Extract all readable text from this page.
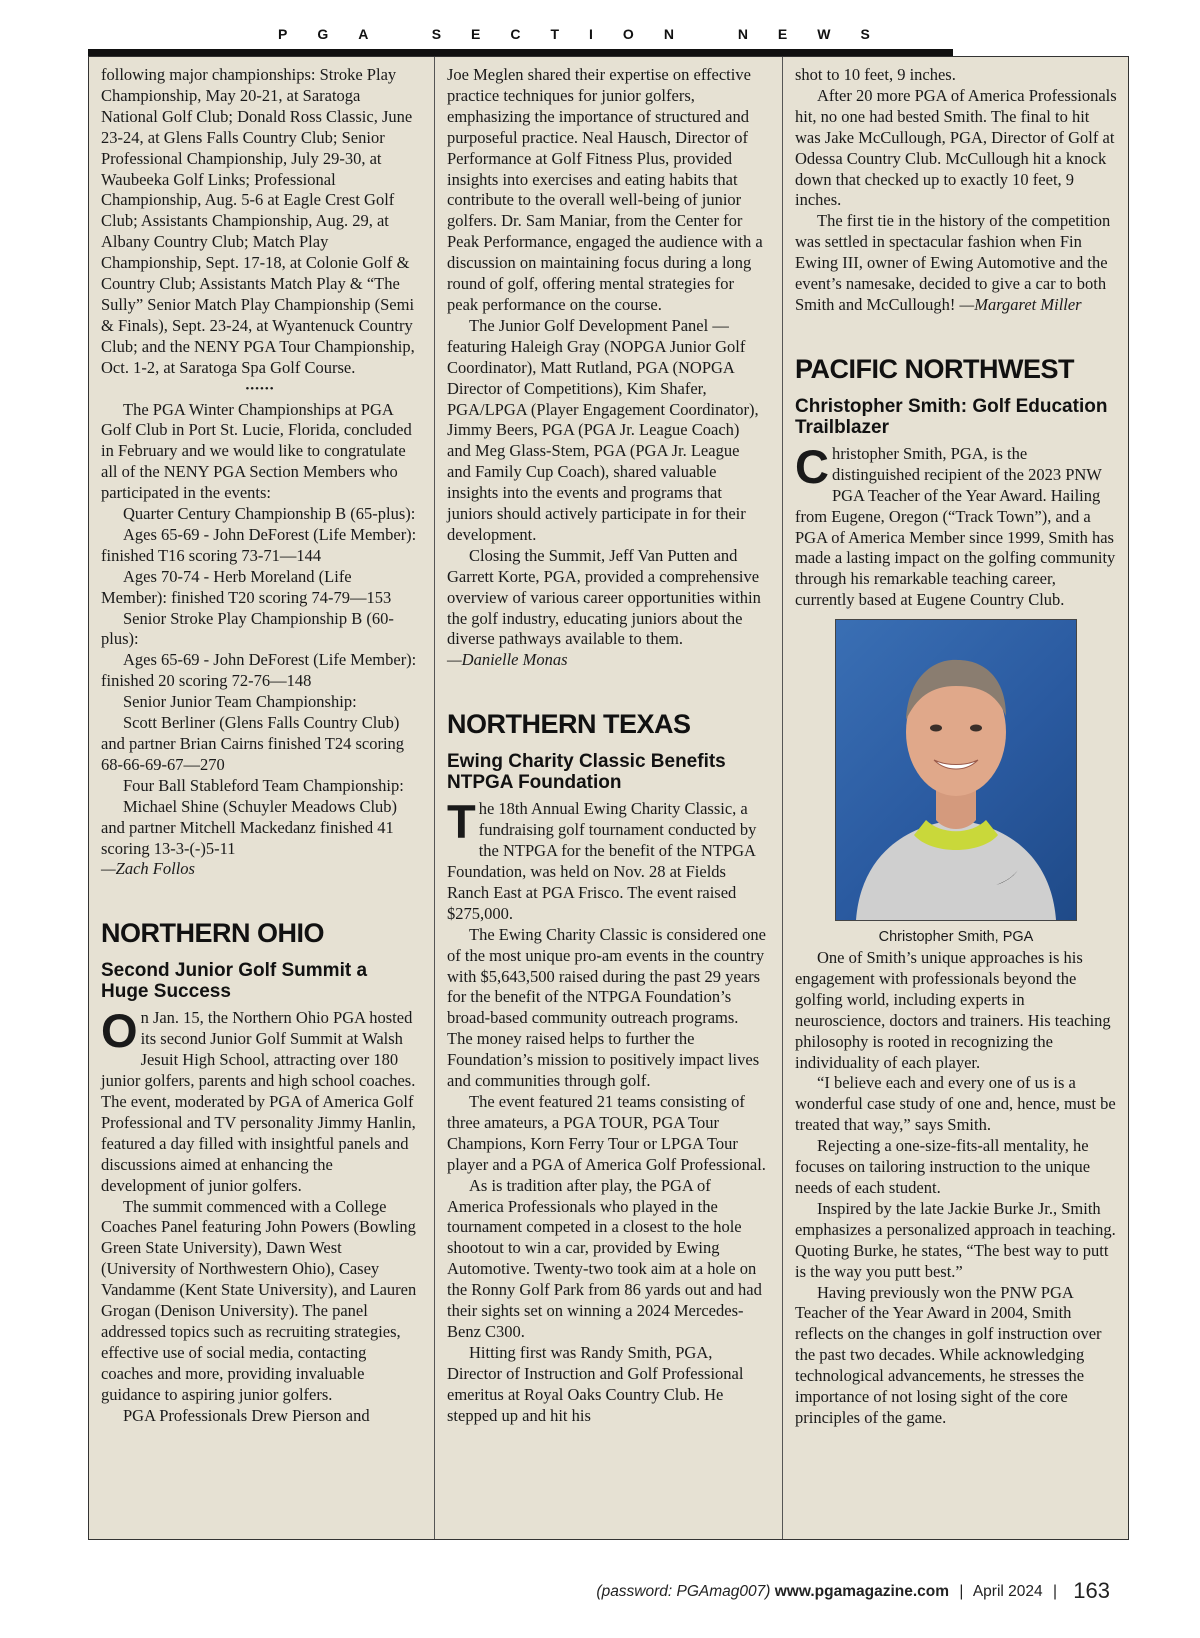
PGA SECTION NEWS

following major championships: Stroke Play Championship, May 20-21, at Saratoga National Golf Club; Donald Ross Classic, June 23-24, at Glens Falls Country Club; Senior Professional Championship, July 29-30, at Waubeeka Golf Links; Professional Championship, Aug. 5-6 at Eagle Crest Golf Club; Assistants Championship, Aug. 29, at Albany Country Club; Match Play Championship, Sept. 17-18, at Colonie Golf & Country Club; Assistants Match Play & “The Sully” Senior Match Play Championship (Semi & Finals), Sept. 23-24, at Wyantenuck Country Club; and the NENY PGA Tour Championship, Oct. 1-2, at Saratoga Spa Golf Course.

••••••

The PGA Winter Championships at PGA Golf Club in Port St. Lucie, Florida, concluded in February and we would like to congratulate all of the NENY PGA Section Members who participated in the events:

Quarter Century Championship B (65-plus):

Ages 65-69 - John DeForest (Life Member): finished T16 scoring 73-71—144

Ages 70-74 - Herb Moreland (Life Member): finished T20 scoring 74-79—153

Senior Stroke Play Championship B (60-plus):

Ages 65-69 - John DeForest (Life Member): finished 20 scoring 72-76—148

Senior Junior Team Championship:

Scott Berliner (Glens Falls Country Club) and partner Brian Cairns finished T24 scoring 68-66-69-67—270

Four Ball Stableford Team Championship:

Michael Shine (Schuyler Meadows Club) and partner Mitchell Mackedanz finished 41 scoring 13-3-(-)5-11

—Zach Follos

NORTHERN OHIO
Second Junior Golf Summit a Huge Success

On Jan. 15, the Northern Ohio PGA hosted its second Junior Golf Summit at Walsh Jesuit High School, attracting over 180 junior golfers, parents and high school coaches. The event, moderated by PGA of America Golf Professional and TV personality Jimmy Hanlin, featured a day filled with insightful panels and discussions aimed at enhancing the development of junior golfers.

The summit commenced with a College Coaches Panel featuring John Powers (Bowling Green State University), Dawn West (University of Northwestern Ohio), Casey Vandamme (Kent State University), and Lauren Grogan (Denison University). The panel addressed topics such as recruiting strategies, effective use of social media, contacting coaches and more, providing invaluable guidance to aspiring junior golfers.

PGA Professionals Drew Pierson and

Joe Meglen shared their expertise on effective practice techniques for junior golfers, emphasizing the importance of structured and purposeful practice. Neal Hausch, Director of Performance at Golf Fitness Plus, provided insights into exercises and eating habits that contribute to the overall well-being of junior golfers. Dr. Sam Maniar, from the Center for Peak Performance, engaged the audience with a discussion on maintaining focus during a long round of golf, offering mental strategies for peak performance on the course.

The Junior Golf Development Panel — featuring Haleigh Gray (NOPGA Junior Golf Coordinator), Matt Rutland, PGA (NOPGA Director of Competitions), Kim Shafer, PGA/LPGA (Player Engagement Coordinator), Jimmy Beers, PGA (PGA Jr. League Coach) and Meg Glass-Stem, PGA (PGA Jr. League and Family Cup Coach), shared valuable insights into the events and programs that juniors should actively participate in for their development.

Closing the Summit, Jeff Van Putten and Garrett Korte, PGA, provided a comprehensive overview of various career opportunities within the golf industry, educating juniors about the diverse pathways available to them.

—Danielle Monas

NORTHERN TEXAS
Ewing Charity Classic Benefits NTPGA Foundation

The 18th Annual Ewing Charity Classic, a fundraising golf tournament conducted by the NTPGA for the benefit of the NTPGA Foundation, was held on Nov. 28 at Fields Ranch East at PGA Frisco. The event raised $275,000.

The Ewing Charity Classic is considered one of the most unique pro-am events in the country with $5,643,500 raised during the past 29 years for the benefit of the NTPGA Foundation’s broad-based community outreach programs. The money raised helps to further the Foundation’s mission to positively impact lives and communities through golf.

The event featured 21 teams consisting of three amateurs, a PGA TOUR, PGA Tour Champions, Korn Ferry Tour or LPGA Tour player and a PGA of America Golf Professional.

As is tradition after play, the PGA of America Professionals who played in the tournament competed in a closest to the hole shootout to win a car, provided by Ewing Automotive. Twenty-two took aim at a hole on the Ronny Golf Park from 86 yards out and had their sights set on winning a 2024 Mercedes-Benz C300.

Hitting first was Randy Smith, PGA, Director of Instruction and Golf Professional emeritus at Royal Oaks Country Club. He stepped up and hit his

shot to 10 feet, 9 inches.

After 20 more PGA of America Professionals hit, no one had bested Smith. The final to hit was Jake McCullough, PGA, Director of Golf at Odessa Country Club. McCullough hit a knock down that checked up to exactly 10 feet, 9 inches.

The first tie in the history of the competition was settled in spectacular fashion when Fin Ewing III, owner of Ewing Automotive and the event’s namesake, decided to give a car to both Smith and McCullough! —Margaret Miller

PACIFIC NORTHWEST
Christopher Smith: Golf Education Trailblazer

Christopher Smith, PGA, is the distinguished recipient of the 2023 PNW PGA Teacher of the Year Award. Hailing from Eugene, Oregon (“Track Town”), and a PGA of America Member since 1999, Smith has made a lasting impact on the golfing community through his remarkable teaching career, currently based at Eugene Country Club.

Christopher Smith, PGA

One of Smith’s unique approaches is his engagement with professionals beyond the golfing world, including experts in neuroscience, doctors and trainers. His teaching philosophy is rooted in recognizing the individuality of each player.

“I believe each and every one of us is a wonderful case study of one and, hence, must be treated that way,” says Smith.

Rejecting a one-size-fits-all mentality, he focuses on tailoring instruction to the unique needs of each student.

Inspired by the late Jackie Burke Jr., Smith emphasizes a personalized approach in teaching. Quoting Burke, he states, “The best way to putt is the way you putt best.”

Having previously won the PNW PGA Teacher of the Year Award in 2004, Smith reflects on the changes in golf instruction over the past two decades. While acknowledging technological advancements, he stresses the importance of not losing sight of the core principles of the game.

(password: PGAmag007) www.pgamagazine.com | April 2024 | 163
